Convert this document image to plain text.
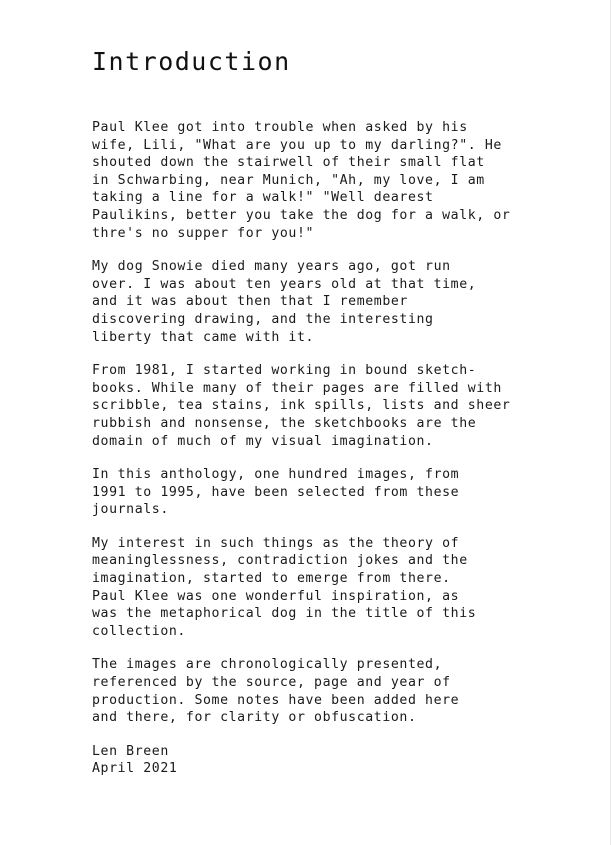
Introduction
Paul Klee got into trouble when asked by his
wife, Lili, "What are you up to my darling?". He
shouted down the stairwell of their small flat
in Schwarbing, near Munich, "Ah, my love, I am
taking a line for a walk!" "Well dearest
Paulikins, better you take the dog for a walk, or
thre's no supper for you!"
My dog Snowie died many years ago, got run
over. I was about ten years old at that time,
and it was about then that I remember
discovering drawing, and the interesting
liberty that came with it.
From 1981, I started working in bound sketch-
books. While many of their pages are filled with
scribble, tea stains, ink spills, lists and sheer
rubbish and nonsense, the sketchbooks are the
domain of much of my visual imagination.
In this anthology, one hundred images, from
1991 to 1995, have been selected from these
journals.
My interest in such things as the theory of
meaninglessness, contradiction jokes and the
imagination, started to emerge from there.
Paul Klee was one wonderful inspiration, as
was the metaphorical dog in the title of this
collection.
The images are chronologically presented,
referenced by the source, page and year of
production. Some notes have been added here
and there, for clarity or obfuscation.
Len Breen
April 2021
